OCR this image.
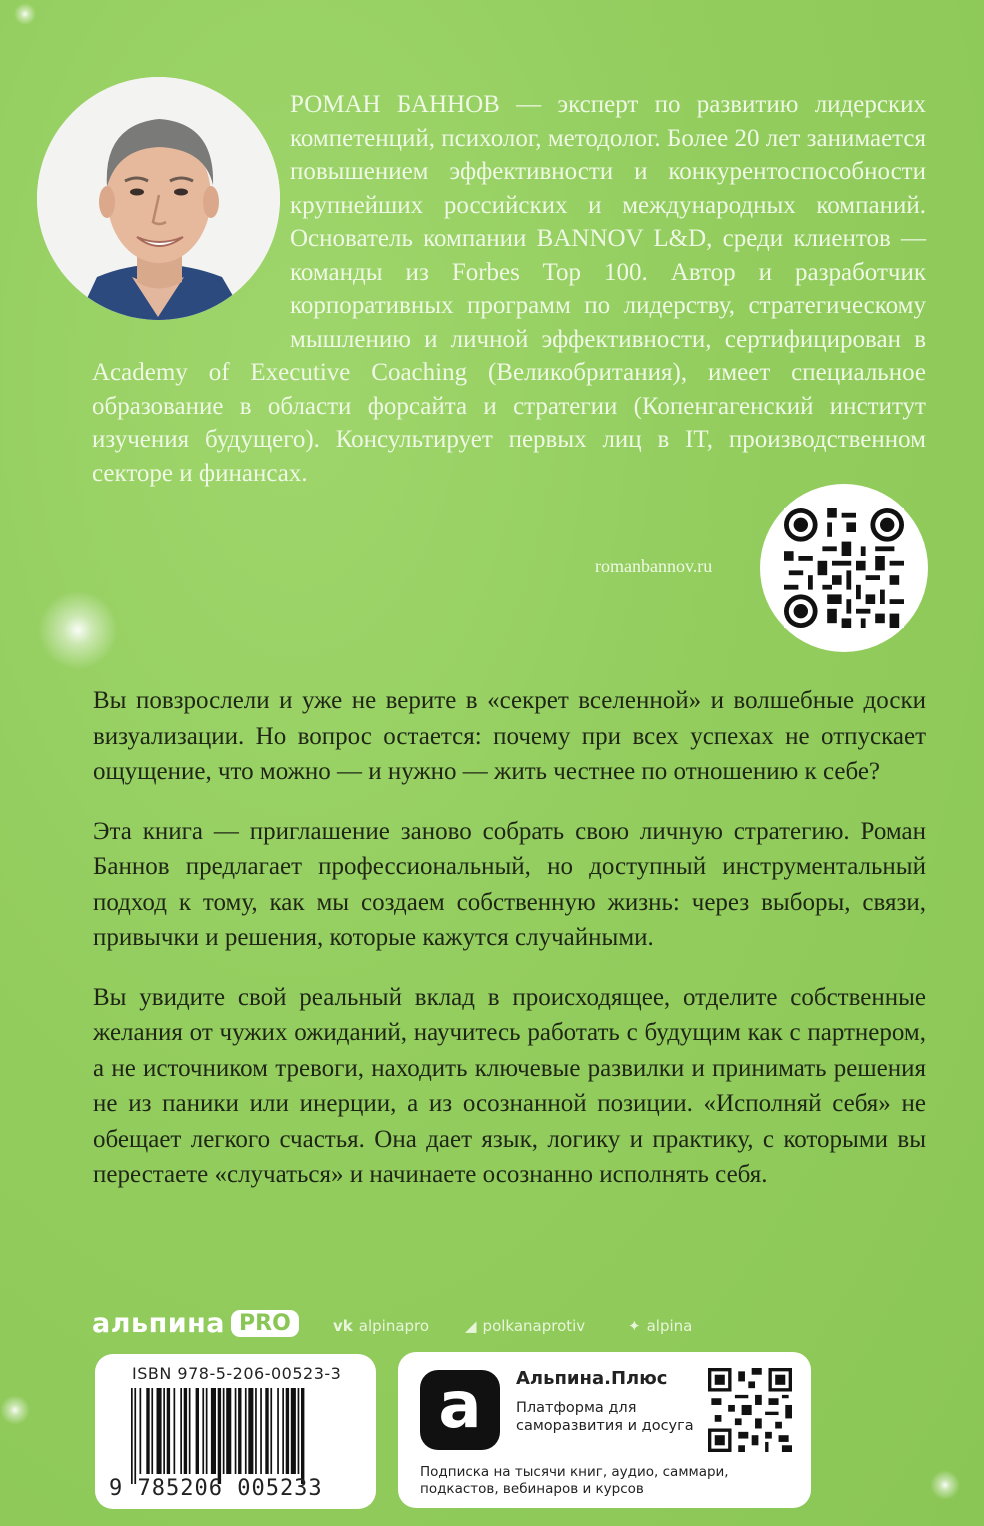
РОМАН БАННОВ — эксперт по развитию лидерских компетенций, психолог, методолог. Более 20 лет занимается повышением эффективности и конкурентоспособности крупнейших российских и международных компаний. Основатель компании BANNOV L&D, среди клиентов — команды из Forbes Top 100. Автор и разработчик корпоративных программ по лидерству, стратегическому мышлению и личной эффективности, сертифицирован в Academy of Executive Coaching (Великобритания), имеет специальное образование в области форсайта и стратегии (Копенгагенский институт изучения будущего). Консультирует первых лиц в IT, производственном секторе и финансах.
romanbannov.ru

Вы повзрослели и уже не верите в «секрет вселенной» и волшебные доски визуализации. Но вопрос остается: почему при всех успехах не отпускает ощущение, что можно — и нужно — жить честнее по отношению к себе?

Эта книга — приглашение заново собрать свою личную стратегию. Роман Баннов предлагает профессиональный, но доступный инструментальный подход к тому, как мы создаем собственную жизнь: через выборы, связи, привычки и решения, которые кажутся случайными.

Вы увидите свой реальный вклад в происходящее, отделите собственные желания от чужих ожиданий, научитесь работать с будущим как с партнером, а не источником тревоги, находить ключевые развилки и принимать решения не из паники или инерции, а из осознанной позиции. «Исполняй себя» не обещает легкого счастья. Она дает язык, логику и практику, с которыми вы перестаете «случаться» и начинаете осознанно исполнять себя.

альпина PRO	vk alpinapro ◢ polkanaprotiv	✦ alpina
ISBN 978-5-206-00523-3
9 785206 005233
a	Альпина.Плюс
Платформа для саморазвития и досуга
Подписка на тысячи книг, аудио, саммари, подкастов, вебинаров и курсов
